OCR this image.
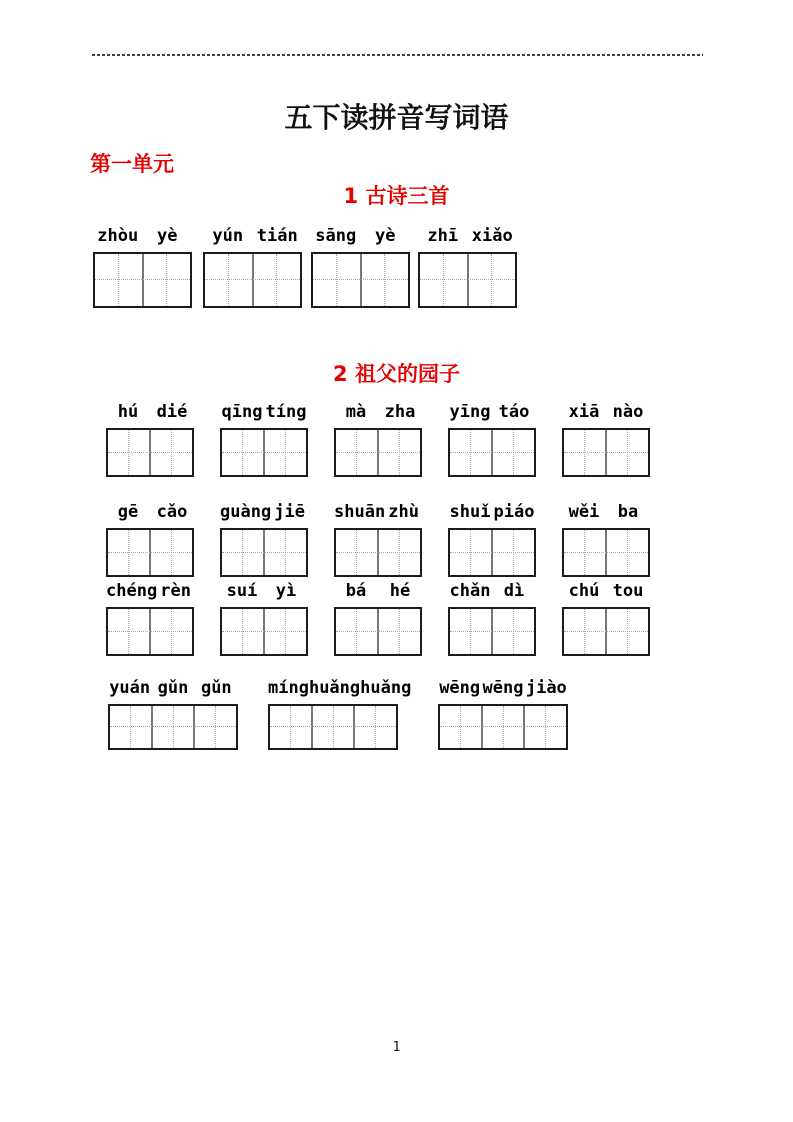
五下读拼音写词语
第一单元
1 古诗三首
2 祖父的园子
zhòu yè yún tián sāng yè zhī xiǎo
hú dié qīng tíng mà zha yīng táo xiā nào
gē cǎo guàng jiē shuān zhù shuǐ piáo wěi ba
chéng rèn suí yì	bá hé chǎn dì	chú tou
yuán gǔn gǔn míng huǎng huǎng wēng wēng jiào
1
